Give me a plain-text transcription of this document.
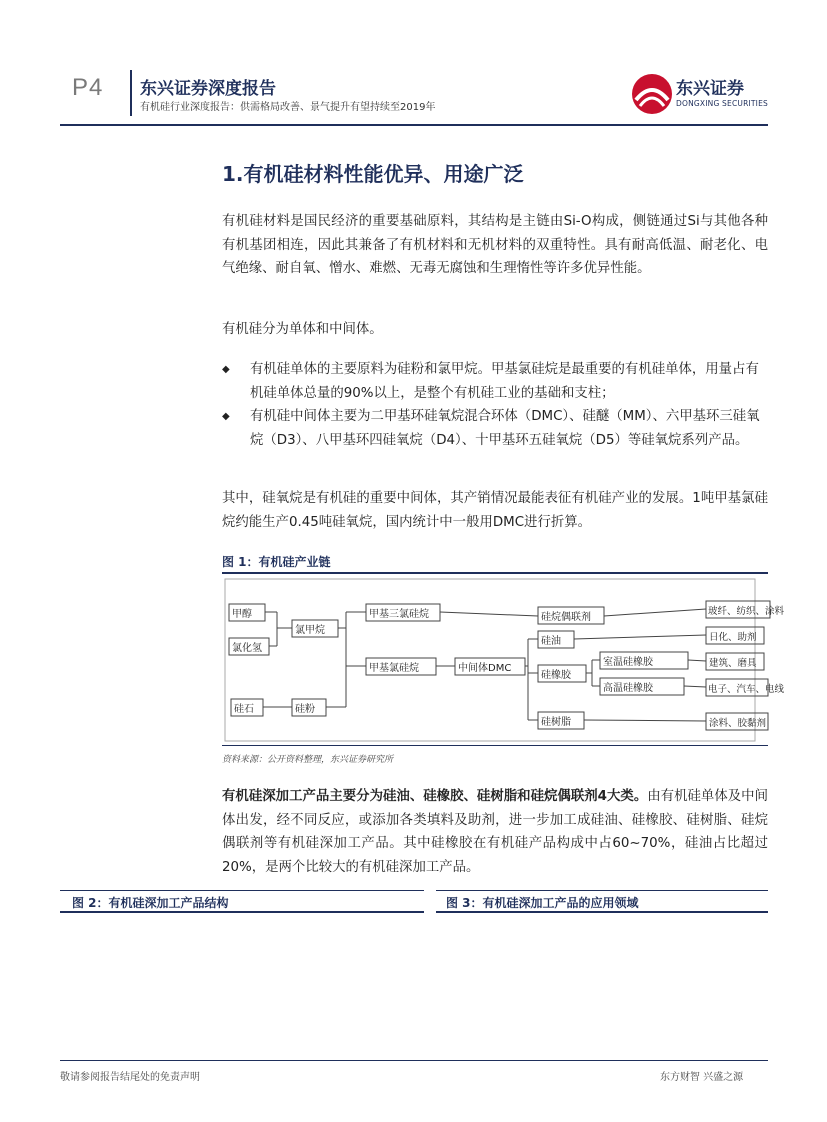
P4 东兴证券深度报告
有机硅行业深度报告：供需格局改善、景气提升有望持续至2019年
东兴证券
DONGXING SECURITIES
1.有机硅材料性能优异、用途广泛
有机硅材料是国民经济的重要基础原料，其结构是主链由Si-O构成，侧链通过Si与其他各种有机基团相连，因此其兼备了有机材料和无机材料的双重特性。具有耐高低温、耐老化、电气绝缘、耐自氧、憎水、难燃、无毒无腐蚀和生理惰性等许多优异性能。
有机硅分为单体和中间体。
◆ 有机硅单体的主要原料为硅粉和氯甲烷。甲基氯硅烷是最重要的有机硅单体，用量占有机硅单体总量的90%以上，是整个有机硅工业的基础和支柱；
◆ 有机硅中间体主要为二甲基环硅氧烷混合环体（DMC）、硅醚（MM）、六甲基环三硅氧烷（D3）、八甲基环四硅氧烷（D4）、十甲基环五硅氧烷（D5）等硅氧烷系列产品。
其中，硅氧烷是有机硅的重要中间体，其产销情况最能表征有机硅产业的发展。1吨甲基氯硅烷约能生产0.45吨硅氧烷，国内统计中一般用DMC进行折算。
图 1：有机硅产业链
甲醇
氯化氢
氯甲烷
硅石	硅粉
甲基三氯硅烷
甲基氯硅烷	中间体DMC
硅烷偶联剂
硅油
硅橡胶
室温硅橡胶
高温硅橡胶
硅树脂
玻纤、纺织、涂料
日化、助剂
建筑、磨具
电子、汽车、电线
涂料、胶黏剂
资料来源：公开资料整理，东兴证券研究所
有机硅深加工产品主要分为硅油、硅橡胶、硅树脂和硅烷偶联剂4大类。由有机硅单体及中间体出发，经不同反应，或添加各类填料及助剂，进一步加工成硅油、硅橡胶、硅树脂、硅烷偶联剂等有机硅深加工产品。其中硅橡胶在有机硅产品构成中占60~70%，硅油占比超过20%，是两个比较大的有机硅深加工产品。
图 2：有机硅深加工产品结构	图 3：有机硅深加工产品的应用领域
敬请参阅报告结尾处的免责声明	东方财智 兴盛之源
